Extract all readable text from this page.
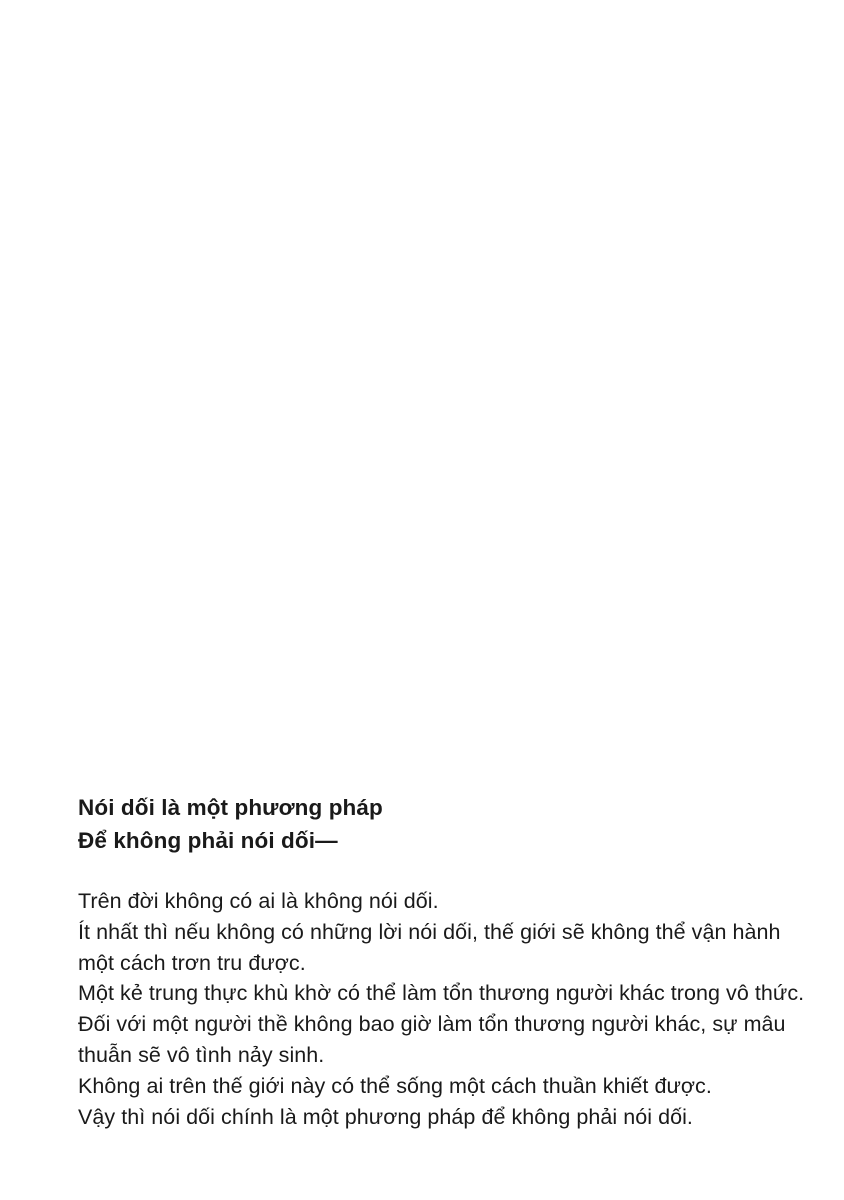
Nói dối là một phương pháp
Để không phải nói dối—

Trên đời không có ai là không nói dối.
Ít nhất thì nếu không có những lời nói dối, thế giới sẽ không thể vận hành
một cách trơn tru được.
Một kẻ trung thực khù khờ có thể làm tổn thương người khác trong vô thức.
Đối với một người thề không bao giờ làm tổn thương người khác, sự mâu
thuẫn sẽ vô tình nảy sinh.
Không ai trên thế giới này có thể sống một cách thuần khiết được.
Vậy thì nói dối chính là một phương pháp để không phải nói dối.
